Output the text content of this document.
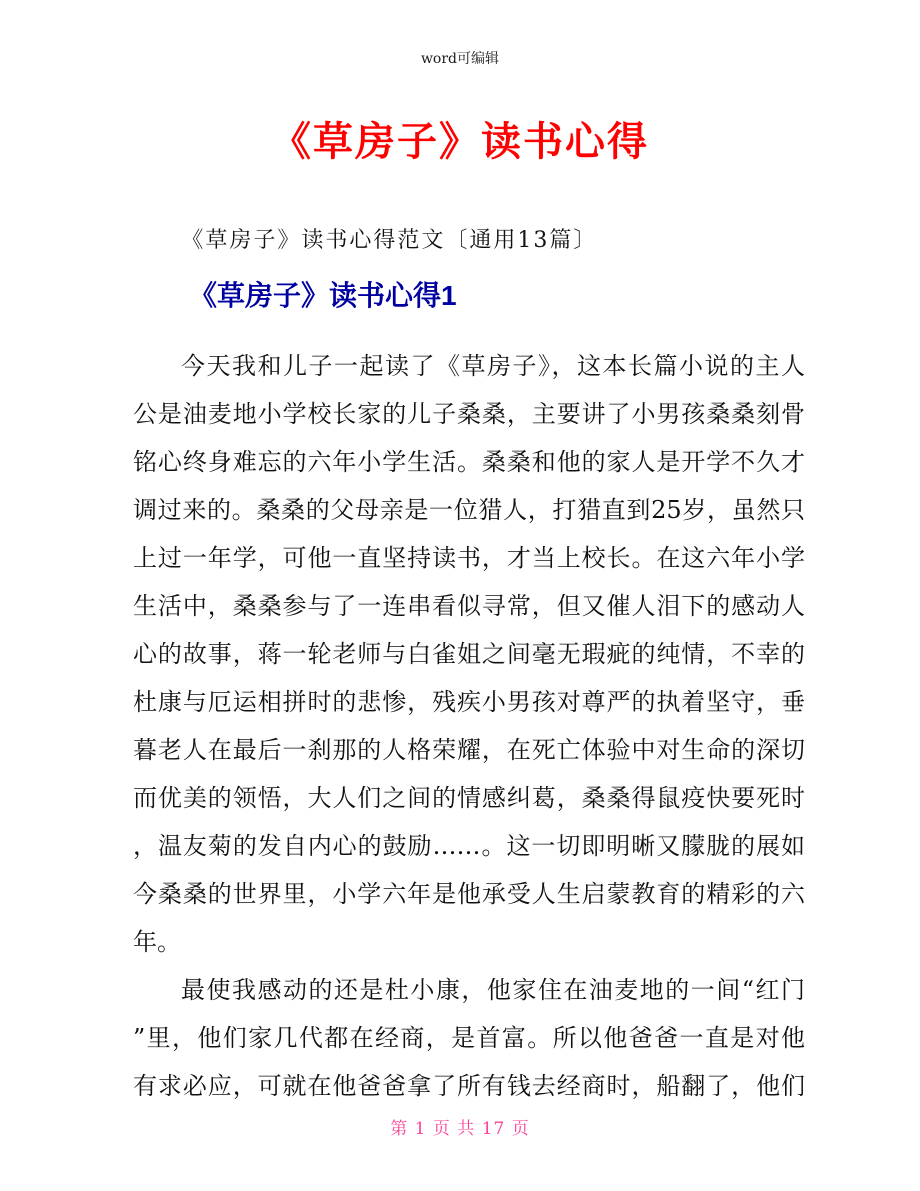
word可编辑
《草房子》读书心得

《草房子》读书心得范文〔通用13篇〕

《草房子》读书心得1
今天我和儿子一起读了《草房子》，这本长篇小说的主人
公是油麦地小学校长家的儿子桑桑，主要讲了小男孩桑桑刻骨
铭心终身难忘的六年小学生活。桑桑和他的家人是开学不久才
调过来的。桑桑的父母亲是一位猎人，打猎直到25岁，虽然只
上过一年学，可他一直坚持读书，才当上校长。在这六年小学
生活中，桑桑参与了一连串看似寻常，但又催人泪下的感动人
心的故事，蒋一轮老师与白雀姐之间毫无瑕疵的纯情，不幸的
杜康与厄运相拼时的悲惨，残疾小男孩对尊严的执着坚守，垂
暮老人在最后一刹那的人格荣耀，在死亡体验中对生命的深切
而优美的领悟，大人们之间的情感纠葛，桑桑得鼠疫快要死时
，温友菊的发自内心的鼓励……。这一切即明晰又朦胧的展如
今桑桑的世界里，小学六年是他承受人生启蒙教育的精彩的六
年。
最使我感动的还是杜小康，他家住在油麦地的一间“红门
”里，他们家几代都在经商，是首富。所以他爸爸一直是对他
有求必应，可就在他爸爸拿了所有钱去经商时，船翻了，他们
第 1 页 共 17 页
